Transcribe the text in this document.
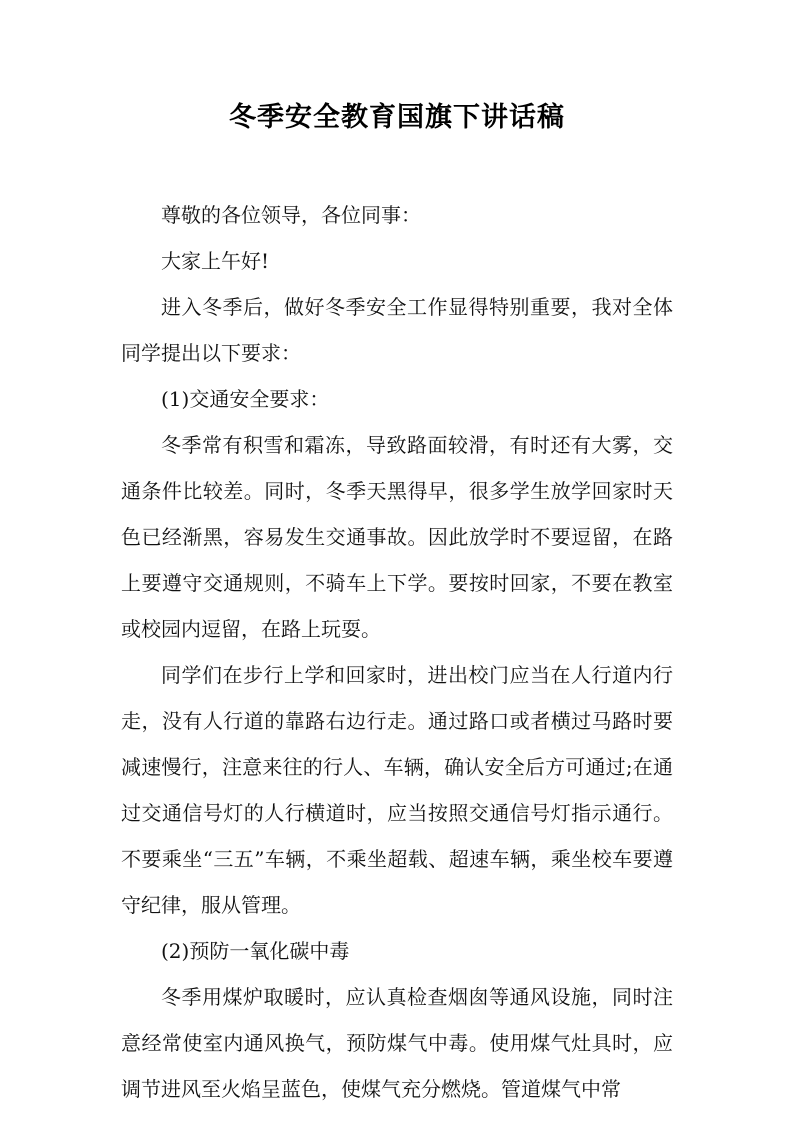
冬季安全教育国旗下讲话稿

尊敬的各位领导，各位同事：

大家上午好!

进入冬季后，做好冬季安全工作显得特别重要，我对全体同学提出以下要求：

(1)交通安全要求：

冬季常有积雪和霜冻，导致路面较滑，有时还有大雾，交通条件比较差。同时，冬季天黑得早，很多学生放学回家时天色已经渐黑，容易发生交通事故。因此放学时不要逗留，在路上要遵守交通规则，不骑车上下学。要按时回家，不要在教室或校园内逗留，在路上玩耍。

同学们在步行上学和回家时，进出校门应当在人行道内行走，没有人行道的靠路右边行走。通过路口或者横过马路时要减速慢行，注意来往的行人、车辆，确认安全后方可通过;在通过交通信号灯的人行横道时，应当按照交通信号灯指示通行。不要乘坐“三五”车辆，不乘坐超载、超速车辆，乘坐校车要遵守纪律，服从管理。

(2)预防一氧化碳中毒

冬季用煤炉取暖时，应认真检查烟囱等通风设施，同时注意经常使室内通风换气，预防煤气中毒。使用煤气灶具时，应调节进风至火焰呈蓝色，使煤气充分燃烧。管道煤气中常
